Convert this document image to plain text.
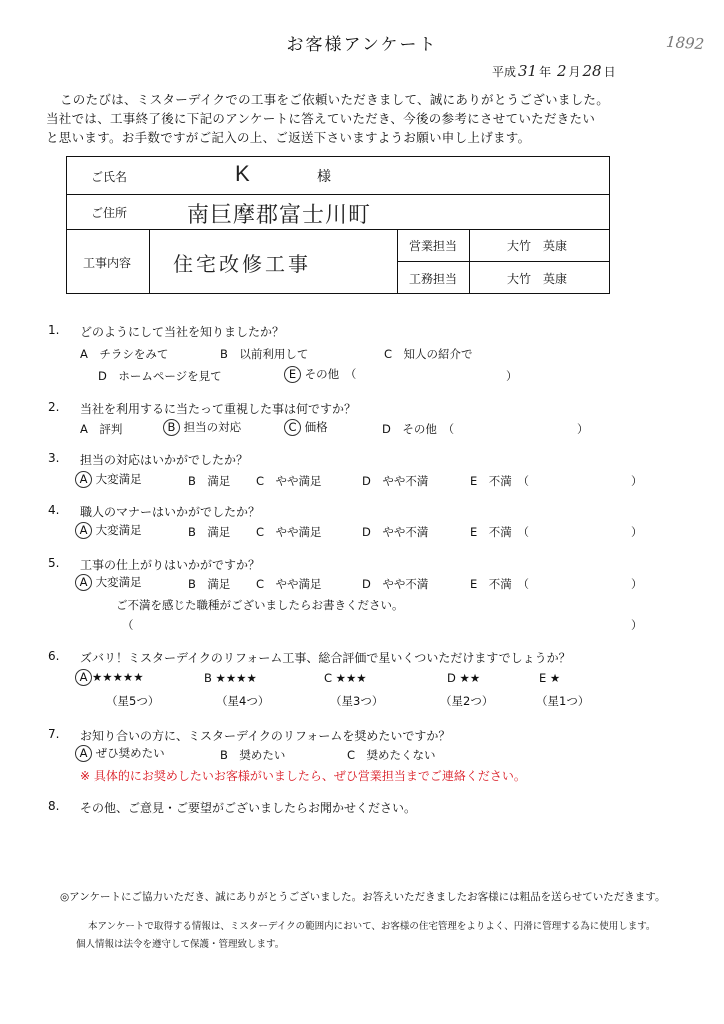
お客様アンケート	1892
平成 31 年 2 月 28 日
このたびは、ミスターデイクでの工事をご依頼いただきまして、誠にありがとうございました。
当社では、工事終了後に下記のアンケートに答えていただき、今後の参考にさせていただきたい
と思います。お手数ですがご記入の上、ご返送下さいますようお願い申し上げます。
ご氏名	K	様
ご住所	南巨摩郡富士川町
工事内容 住宅改修工事
営業担当	大竹　英康
工務担当	大竹　英康
1. どのようにして当社を知りましたか？
A　チラシをみて	B　以前利用して	C　知人の紹介で
D　ホームページを見て	E その他　（	）
2. 当社を利用するに当たって重視した事は何ですか？
A　評判	B 担当の対応	C 価格	D　その他　（	）
3. 担当の対応はいかがでしたか？
A 大変満足	B　満足 C　やや満足	D　やや不満	E　不満　（	）
4. 職人のマナーはいかがでしたか？
A 大変満足	B　満足 C　やや満足	D　やや不満	E　不満　（	）
5. 工事の仕上がりはいかがですか？
A 大変満足	B　満足 C　やや満足	D　やや不満	E　不満　（	）
ご不満を感じた職種がございましたらお書きください。
（	）
6. ズバリ！ミスターデイクのリフォーム工事、総合評価で星いくついただけますでしょうか？
A ★★★★★	B ★★★★	C ★★★	D ★★	E ★
（星5つ）	（星4つ）	（星3つ）	（星2つ）	（星1つ）
7. お知り合いの方に、ミスターデイクのリフォームを奨めたいですか？
A ぜひ奨めたい	B　奨めたい	C　奨めたくない
※ 具体的にお奨めしたいお客様がいましたら、ぜひ営業担当までご連絡ください。
8. その他、ご意見・ご要望がございましたらお聞かせください。
◎アンケートにご協力いただき、誠にありがとうございました。お答えいただきましたお客様には粗品を送らせていただきます。
本アンケートで取得する情報は、ミスターデイクの範囲内において、お客様の住宅管理をよりよく、円滑に管理する為に使用します。
個人情報は法令を遵守して保護・管理致します。
